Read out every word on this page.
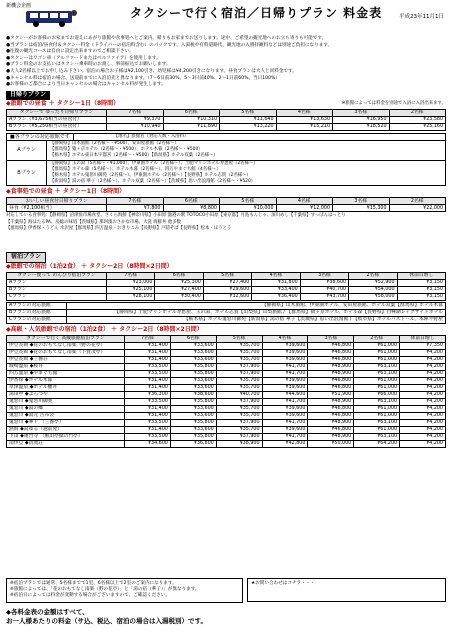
新機会企画	タクシーで行く宿泊／日帰りプラン 料金表	平成23年11月1日
●タクシーがお客様のお家までお迎えにあがり旅館や食事処へとご案内。帰りもお家までお送りします。途中、ご希望の観光地へのお立ち寄りも可能です。
●当プランは宿泊/昼食付＆タクシー料金（ドライバーの宿泊料含む）のパックです。入湯税や有料道路代、観光地の入園拝観料などは別途ご負担になります。
●往復の観光コースは自由に設定出来ますのでご相談下さい。
●タクシーはワゴン車（アルファードまたはベルファイア）を使用します。
●プラン料金のお支払いはタクシー乗車時のお渡し、事前振込でお願いします。
●大人2名様以上でお申し込み下さい。宿泊の場合お子様は¥2,100引き、幼児様は¥4,200引きになります。昼食プランは大人と同料金です。
●キャンセル料は宿泊の場合、送迎前までに入泊泊先と異なります。（7～6日前30%、5～3日前40%、2～1日前60%、当日100%）
●お客様のご都合により当日キャンセルの場合はキャンセル料が発生します。
日帰りプラン
◆旅館での昼食 ＋ タクシー1日（8時間）	※旅館によっては料金を別途で入浴に入浴出来ます。
タクシーで ゆったり日帰りプラン	7名様	6名様	5名様	4名様	3名様	2名様
Aプラン（¥3,675相当の昼食付）	¥9,370	¥10,310	¥11,640	¥13,630	¥16,950	¥23,580
Bプラン（¥5,250相当の昼食付）	¥10,940	¥11,890	¥13,220	¥15,210	¥18,520	¥25,160
■各プランの対応旅館です	【地名】旅館名（対応人数・入浴料）
Aプラン
【静岡県】山木旅館（2名様～・¥500）、安田屋旅館（2名様～）
【群馬県】猿ヶ京ホテル（2名様～・¥500）、ホテル木暮（2名様～・¥500）
【栃木県】ホテル東日本宇都宮（2名様～・¥500）【新潟県】ホテル双葉（2名様～）
Bプラン
【静岡県】玉の湯（5名様～・¥1,000）、伊東園ホテル（2名様～）、土肥マリンホテル寿恵屋（2名様～）
【群馬県】ホテル森（5名様～）、ホテル木暮（2名様～）、四万やまぐち館（4名様～）
【栃木県】ホテル鬼怒川御苑（2名様～）、伊東園ホテル（2名様～）【長野県】ホテル志賀（2名様～）
【新潟県】湯の宿 華子（2名様～）、ホテル双葉（2名様～）【茨城県】思い出浪漫館（2名様～・¥520）
◆食事処での昼食 ＋ タクシー1日（8時間）
おいしい昼食付日帰りプラン	7名様	6名様	5名様	4名様	3名様	2名様
昼食（¥2,100相当）	¥7,800	¥8,800	¥10,000	¥12,000	¥15,300	¥22,000
対応している食事処：【静岡県】沼津魚市場食堂、さくら海鮮【神奈川県】小田原 漁港の駅 TOTOCO小田原【東京都】月島もんじゃ、深川めし【千葉県】すっぽんはっとり
【千葉県】海ほたるPA、房総の味処【茨城県】那珂湊おさかな市場、大洗 海鮮丼 他多数
【群馬県】伊香保・うどん 水沢屋【群馬県】四万温泉・おきりこみ【長野県】戸隠そば【長野県】松本・ほうとう
宿泊プラン
◆旅館での宿泊（1泊2食） ＋ タクシー2日（8時間×2日間）
タクシー使って のんびり宿泊プラン	7名様	6名様	5名様	4名様	3名様	2名様	休前日増し
Aプラン	¥23,000	¥25,300	¥27,400	¥31,800	¥38,600	¥52,900	¥3,150
Bプラン	¥25,100	¥27,400	¥29,600	¥33,400	¥40,700	¥54,000	¥3,150
Cプラン	¥28,100	¥30,400	¥32,600	¥36,400	¥43,700	¥58,000	¥3,150
Aプランの対応旅館	【静岡県】山木旅館、伊東園ホテル、安田屋旅館、ホテル双葉【群馬県】ホテル木暮
Bプランの対応旅館	【静岡県】土肥マリンホテル寿恵屋、玉の湯、ホテル志賀【山梨県】山梨旅館 / 【群馬県】猿ヶ京ホテル、ホテル森【長野県】白樺湖レイクサイドホテル
Cプランの対応旅館	【栃木県】ホテル鬼怒川御苑【新潟県】湯の宿 華子【茨城県】思い出浪漫館 / 【岐阜県】ホテルパストール、本陣平野屋
◆高級・人気旅館での宿泊（1泊2食） ＋ タクシー2日（8時間×2日間）
タクシーで行く 高級旅館宿泊プラン	7名様	6名様	5名様	4名様	3名様	2名様	休前日増し
伊豆長岡 ◆花のおもてなし南楽（野の花亭）	¥31,400	¥33,600	¥35,700	¥39,600	¥46,800	¥61,000	¥7,350
伊豆長岡 ◆花のおもてなし南楽（下賀茂亭）	¥31,400	¥33,600	¥35,700	¥39,600	¥46,800	¥61,000	¥4,200
伊豆長岡 ◆三養荘	¥31,400	¥33,600	¥35,700	¥39,600	¥46,800	¥61,000	¥4,200
城崎温泉 ◆桜井	¥33,500	¥35,800	¥37,900	¥41,700	¥48,900	¥63,100	¥4,200
四万温泉 ◆やまぐち館	¥33,500	¥35,800	¥37,900	¥41,700	¥48,900	¥63,100	¥4,200
伊香保 ◆ホテル木暮	¥31,400	¥33,600	¥35,700	¥39,600	¥46,800	¥61,000	¥4,200
草津温泉 ◆ホテル櫻井	¥31,400	¥33,600	¥35,700	¥39,600	¥46,800	¥61,000	¥4,200
湯田中 ◆よろづや	¥36,300	¥38,600	¥40,700	¥44,600	¥51,900	¥66,000	¥4,200
鬼怒川 ◆鬼怒川御苑	¥33,500	¥35,800	¥37,900	¥41,700	¥48,900	¥63,100	¥4,200
鬼怒川 ◆湯の郷	¥31,400	¥33,600	¥35,700	¥39,600	¥46,800	¥61,000	¥4,200
鬼怒川 ◆湯元 古布袋	¥31,400	¥33,600	¥35,700	¥39,600	¥46,800	¥61,000	¥4,200
鬼怒川 ◆華千 （三養亭）	¥33,500	¥35,800	¥37,900	¥41,700	¥48,900	¥63,100	¥4,200
熱海 ◆湯ゆる（越前屋）	¥31,400	¥33,600	¥35,700	¥39,600	¥46,800	¥61,000	¥4,200
下田 ◆蓮台寺 （風山亭緑の竹亭）	¥33,500	¥35,800	¥37,900	¥41,700	¥48,900	¥63,100	¥4,200
南伊豆 ◆清流荘	¥34,600	¥36,800	¥38,900	¥42,800	¥50,000	¥64,200	¥4,200
※宿泊プランでは通常、5名様までで1室、6名様以上で2室のご案内になります。
※旅館によっては、「花のおもてなし南楽（野の花亭）」と「湯の宿（華子）」が異なります。
※宿泊日によっては料金が変動する場合がございますので、ご確認ください。
★お問い合わせはコチラ・・・
◆各料金表の金額はすべて、
お一人様あたりの料金（サ込、税込、宿泊の場合は入湯税別）です。
